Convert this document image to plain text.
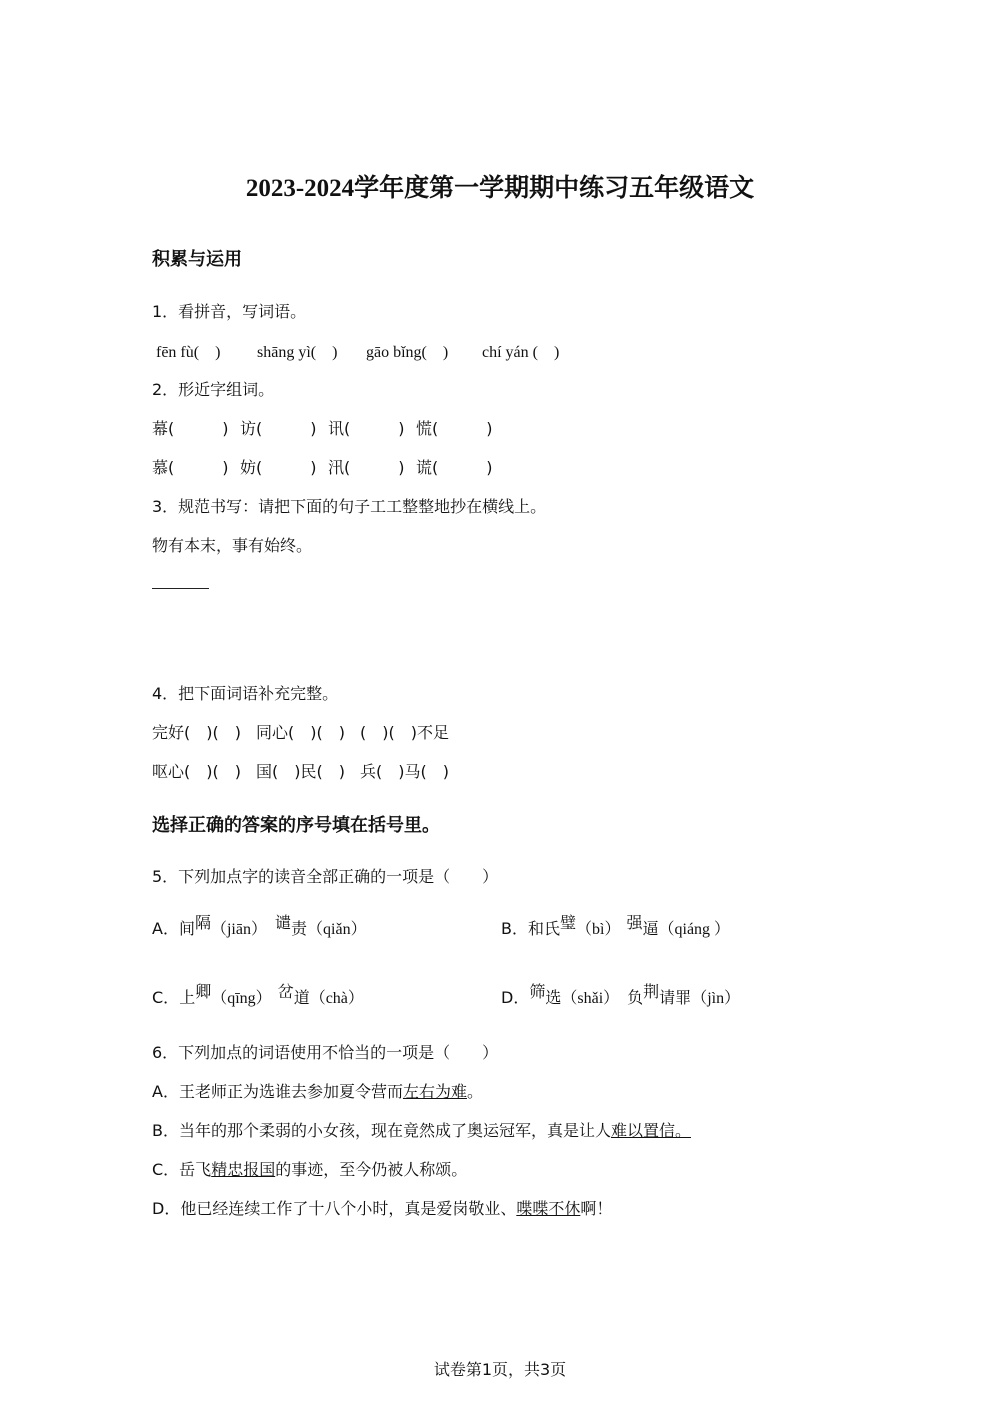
2023-2024学年度第一学期期中练习五年级语文
积累与运用
1．看拼音，写词语。
fēn fù(　) shāng yì(　) gāo bǐng(　) chí yán (　)
2．形近字组词。
幕(　　　) 访(　　　) 讯(　　　) 慌(　　　)
慕(　　　) 妨(　　　) 汛(　　　) 谎(　　　)
3．规范书写：请把下面的句子工工整整地抄在横线上。
物有本末，事有始终。
4．把下面词语补充完整。
完好(　)(　) 同心(　)(　) (　)(　)不足
呕心(　)(　) 国(　)民(　) 兵(　)马(　)
选择正确的答案的序号填在括号里。
5．下列加点字的读音全部正确的一项是（　　）
A．间$^隔$（jiān） $^谴$责（qiǎn）	B．和氏$^璧$（bì） $^强$逼（qiáng ）
C．上$^卿$（qīng） $^岔$道（chà）	D．$^筛$选（shǎi） 负$^荆$请罪（jìn）
6．下列加点的词语使用不恰当的一项是（　　）
A．王老师正为选谁去参加夏令营而左右为难。
B．当年的那个柔弱的小女孩，现在竟然成了奥运冠军，真是让人难以置信。
C．岳飞精忠报国的事迹，至今仍被人称颂。
D．他已经连续工作了十八个小时，真是爱岗敬业、喋喋不休啊！
试卷第1页，共3页
